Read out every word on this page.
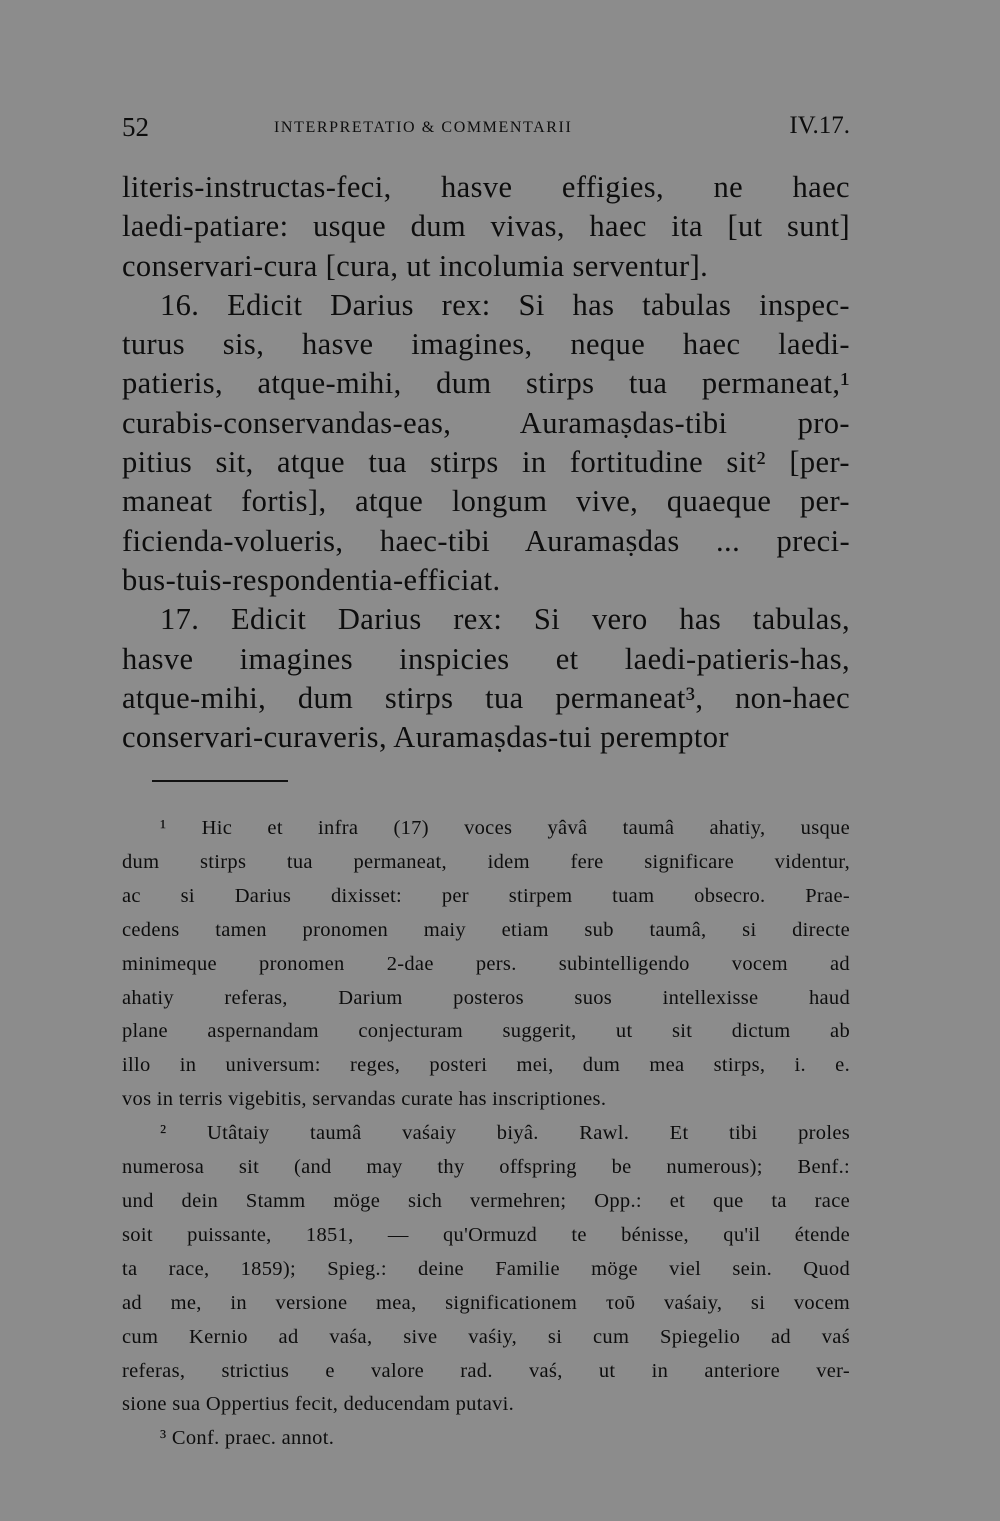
52	INTERPRETATIO & COMMENTARII	IV.17.

literis-instructas-feci, hasve effigies, ne haec

laedi-patiare: usque dum vivas, haec ita [ut sunt]

conservari-cura [cura, ut incolumia serventur].

16. Edicit Darius rex: Si has tabulas inspec-

turus sis, hasve imagines, neque haec laedi-

patieris, atque-mihi, dum stirps tua permaneat,¹

curabis-conservandas-eas, Auramaṣdas-tibi pro-

pitius sit, atque tua stirps in fortitudine sit² [per-

maneat fortis], atque longum vive, quaeque per-

ficienda-volueris, haec-tibi Auramaṣdas ... preci-

bus-tuis-respondentia-efficiat.

17. Edicit Darius rex: Si vero has tabulas,

hasve imagines inspicies et laedi-patieris-has,

atque-mihi, dum stirps tua permaneat³, non-haec

conservari-curaveris, Auramaṣdas-tui peremptor

¹ Hic et infra (17) voces yâvâ taumâ ahatiy, usque

dum stirps tua permaneat, idem fere significare videntur,

ac si Darius dixisset: per stirpem tuam obsecro. Prae-

cedens tamen pronomen maiy etiam sub taumâ, si directe

minimeque pronomen 2-dae pers. subintelligendo vocem ad

ahatiy referas, Darium posteros suos intellexisse haud

plane aspernandam conjecturam suggerit, ut sit dictum ab

illo in universum: reges, posteri mei, dum mea stirps, i. e.

vos in terris vigebitis, servandas curate has inscriptiones.

² Utâtaiy taumâ vaśaiy biyâ. Rawl. Et tibi proles

numerosa sit (and may thy offspring be numerous); Benf.:

und dein Stamm möge sich vermehren; Opp.: et que ta race

soit puissante, 1851, — qu'Ormuzd te bénisse, qu'il étende

ta race, 1859); Spieg.: deine Familie möge viel sein. Quod

ad me, in versione mea, significationem τοῦ vaśaiy, si vocem

cum Kernio ad vaśa, sive vaśiy, si cum Spiegelio ad vaś

referas, strictius e valore rad. vaś, ut in anteriore ver-

sione sua Oppertius fecit, deducendam putavi.

³ Conf. praec. annot.
